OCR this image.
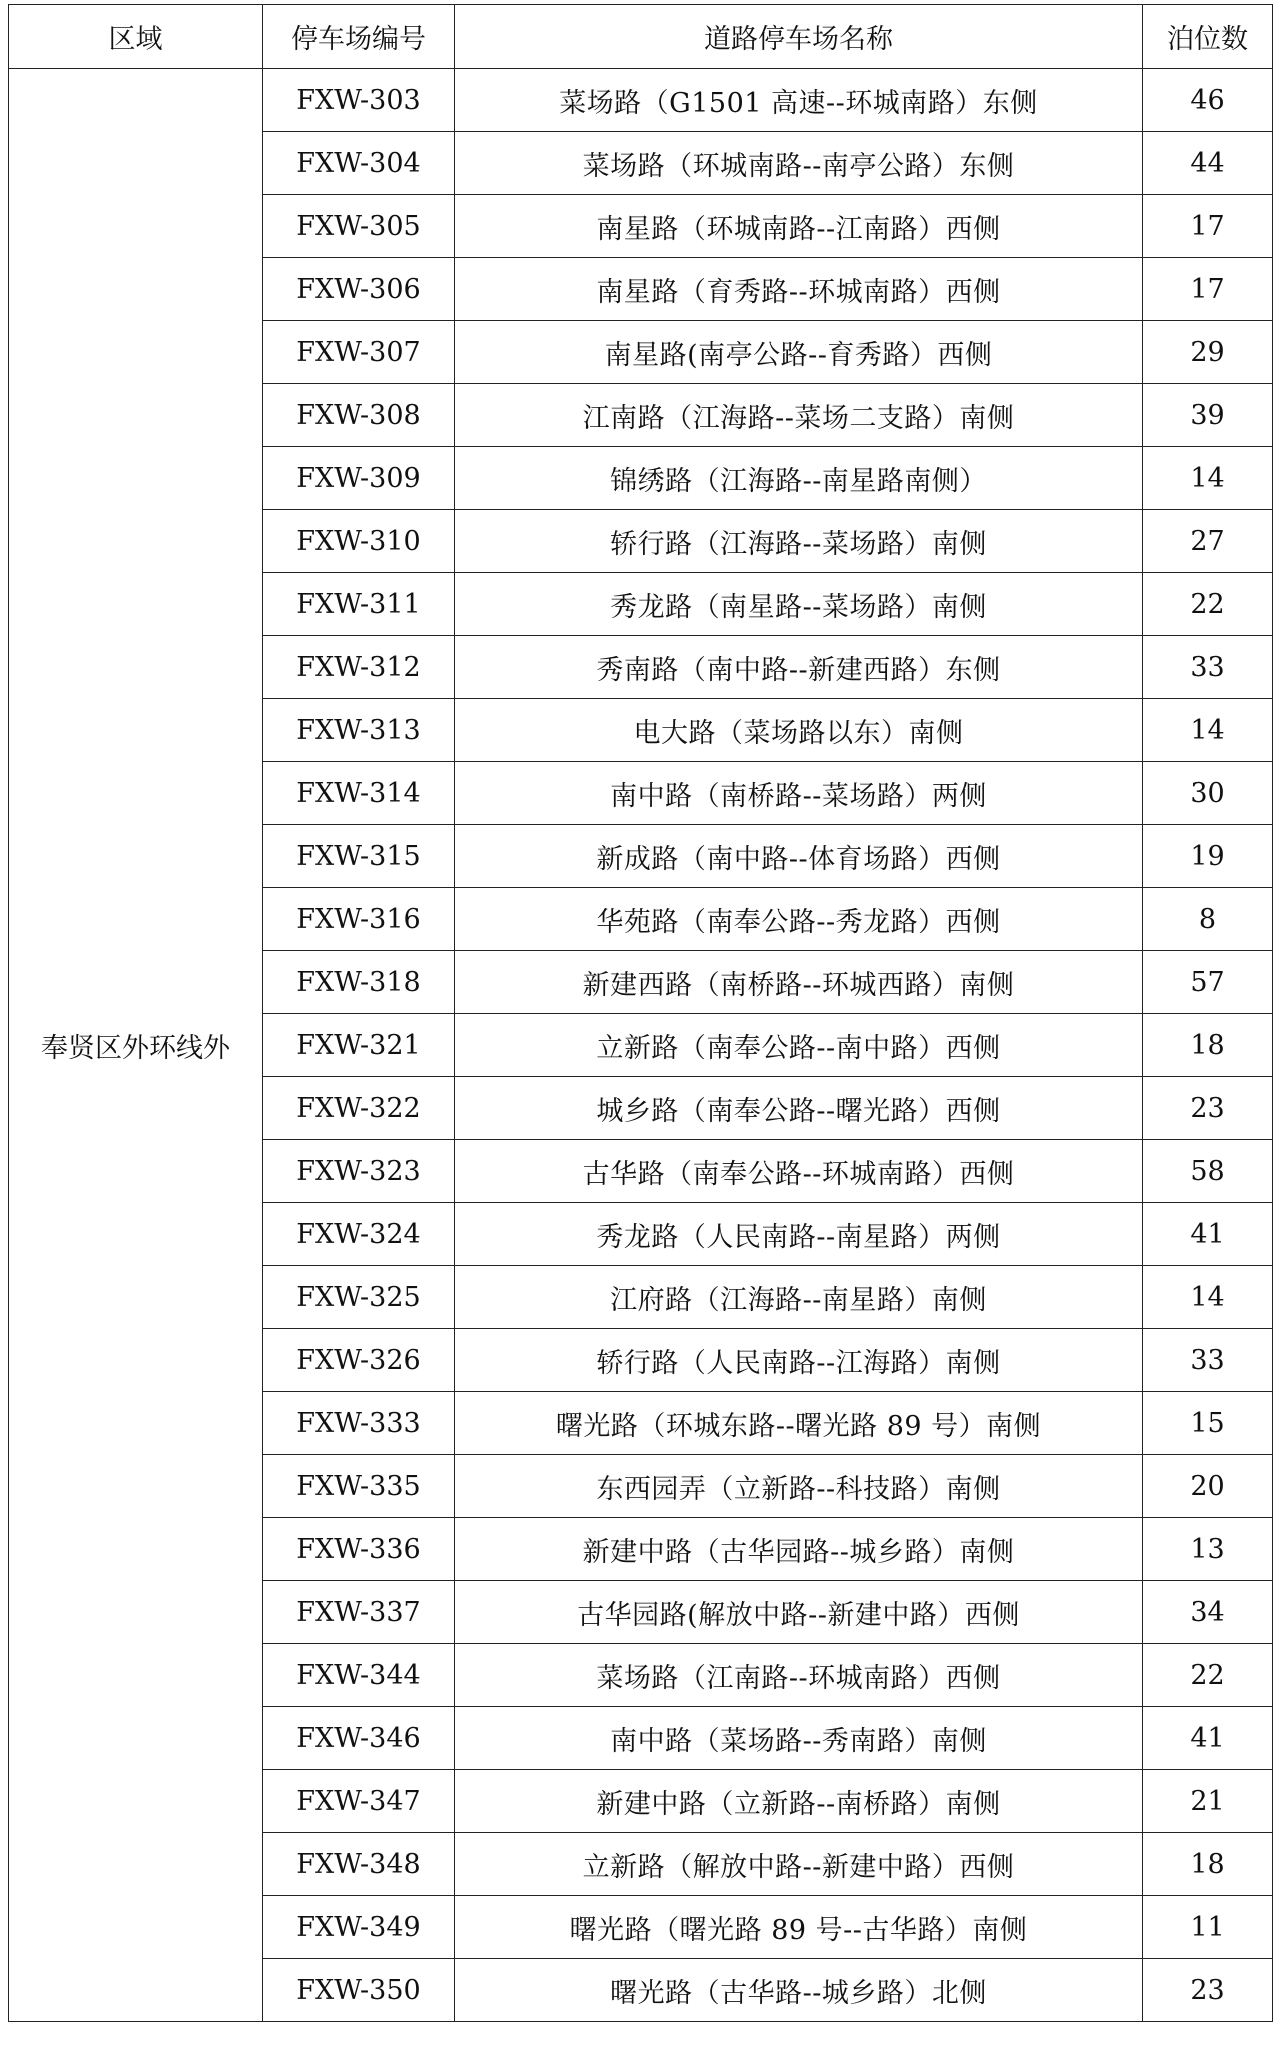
区域	停车场编号	道路停车场名称	泊位数
奉贤区外环线外	FXW-303	菜场路（G1501 高速--环城南路）东侧	46
	FXW-304	菜场路（环城南路--南亭公路）东侧	44
	FXW-305	南星路（环城南路--江南路）西侧	17
	FXW-306	南星路（育秀路--环城南路）西侧	17
	FXW-307	南星路(南亭公路--育秀路）西侧	29
	FXW-308	江南路（江海路--菜场二支路）南侧	39
	FXW-309	锦绣路（江海路--南星路南侧）	14
	FXW-310	轿行路（江海路--菜场路）南侧	27
	FXW-311	秀龙路（南星路--菜场路）南侧	22
	FXW-312	秀南路（南中路--新建西路）东侧	33
	FXW-313	电大路（菜场路以东）南侧	14
	FXW-314	南中路（南桥路--菜场路）两侧	30
	FXW-315	新成路（南中路--体育场路）西侧	19
	FXW-316	华苑路（南奉公路--秀龙路）西侧	8
	FXW-318	新建西路（南桥路--环城西路）南侧	57
	FXW-321	立新路（南奉公路--南中路）西侧	18
	FXW-322	城乡路（南奉公路--曙光路）西侧	23
	FXW-323	古华路（南奉公路--环城南路）西侧	58
	FXW-324	秀龙路（人民南路--南星路）两侧	41
	FXW-325	江府路（江海路--南星路）南侧	14
	FXW-326	轿行路（人民南路--江海路）南侧	33
	FXW-333	曙光路（环城东路--曙光路 89 号）南侧	15
	FXW-335	东西园弄（立新路--科技路）南侧	20
	FXW-336	新建中路（古华园路--城乡路）南侧	13
	FXW-337	古华园路(解放中路--新建中路）西侧	34
	FXW-344	菜场路（江南路--环城南路）西侧	22
	FXW-346	南中路（菜场路--秀南路）南侧	41
	FXW-347	新建中路（立新路--南桥路）南侧	21
	FXW-348	立新路（解放中路--新建中路）西侧	18
	FXW-349	曙光路（曙光路 89 号--古华路）南侧	11
	FXW-350	曙光路（古华路--城乡路）北侧	23
